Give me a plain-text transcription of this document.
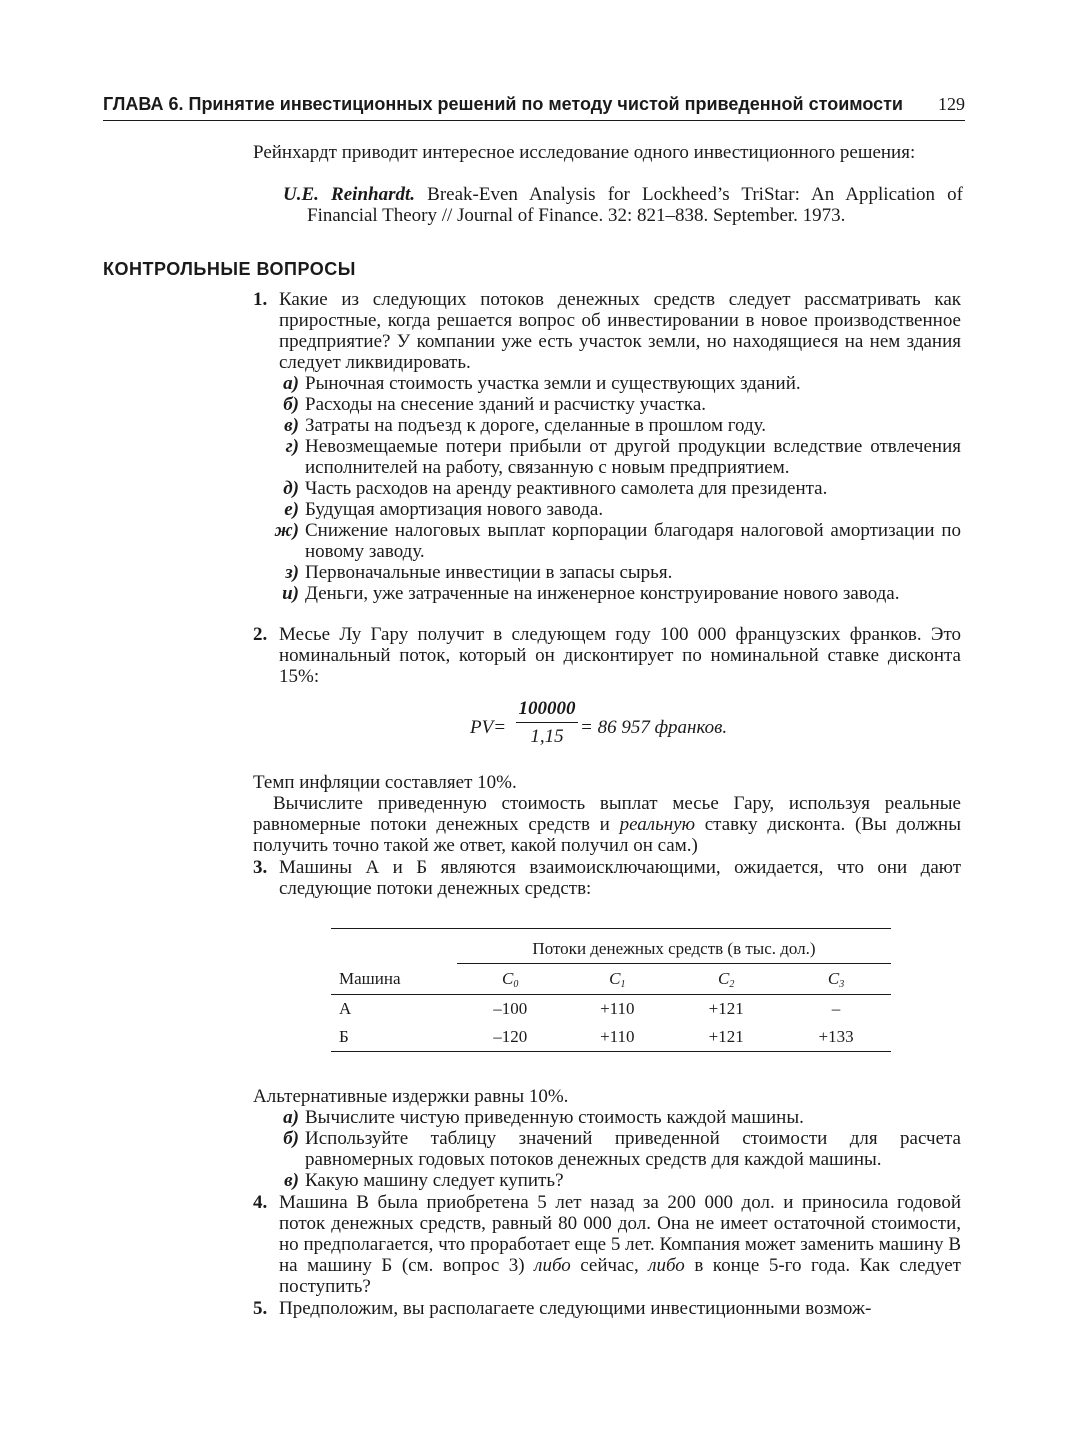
ГЛАВА 6. Принятие инвестиционных решений по методу чистой приведенной стоимости 129
Рейнхардт приводит интересное исследование одного инвестиционного решения:
U.E. Reinhardt. Break-Even Analysis for Lockheed’s TriStar: An Application of Financial Theory // Journal of Finance. 32: 821–838. September. 1973.
КОНТРОЛЬНЫЕ ВОПРОСЫ
1. Какие из следующих потоков денежных средств следует рассматривать как приростные, когда решается вопрос об инвестировании в новое производственное предприятие? У компании уже есть участок земли, но находящиеся на нем здания следует ликвидировать.
а) Рыночная стоимость участка земли и существующих зданий.
б) Расходы на снесение зданий и расчистку участка.
в) Затраты на подъезд к дороге, сделанные в прошлом году.
г) Невозмещаемые потери прибыли от другой продукции вследствие отвлечения исполнителей на работу, связанную с новым предприятием.
д) Часть расходов на аренду реактивного самолета для президента.
е) Будущая амортизация нового завода.
ж) Снижение налоговых выплат корпорации благодаря налоговой амортизации по новому заводу.
з) Первоначальные инвестиции в запасы сырья.
и) Деньги, уже затраченные на инженерное конструирование нового завода.
2. Месье Лу Гару получит в следующем году 100 000 французских франков. Это номинальный поток, который он дисконтирует по номинальной ставке дисконта 15%:
PV=
100000
1,15 = 86 957 франков.
Темп инфляции составляет 10%.
Вычислите приведенную стоимость выплат месье Гару, используя реальные равномерные потоки денежных средств и реальную ставку дисконта. (Вы должны получить точно такой же ответ, какой получил он сам.)
3. Машины А и Б являются взаимоисключающими, ожидается, что они дают следующие потоки денежных средств:

	Потоки денежных средств (в тыс. дол.)			
Машина	$C_0$	$C_1$	$C_2$	$C_3$
А	–100	+110	+121	–
Б	–120	+110	+121	+133
Альтернативные издержки равны 10%.
а) Вычислите чистую приведенную стоимость каждой машины.
б) Используйте таблицу значений приведенной стоимости для расчета равномерных годовых потоков денежных средств для каждой машины.
в) Какую машину следует купить?
4. Машина В была приобретена 5 лет назад за 200 000 дол. и приносила годовой поток денежных средств, равный 80 000 дол. Она не имеет остаточной стоимости, но предполагается, что проработает еще 5 лет. Компания может заменить машину В на машину Б (см. вопрос 3) либо сейчас, либо в конце 5-го года. Как следует поступить?
5. Предположим, вы располагаете следующими инвестиционными возмож-
